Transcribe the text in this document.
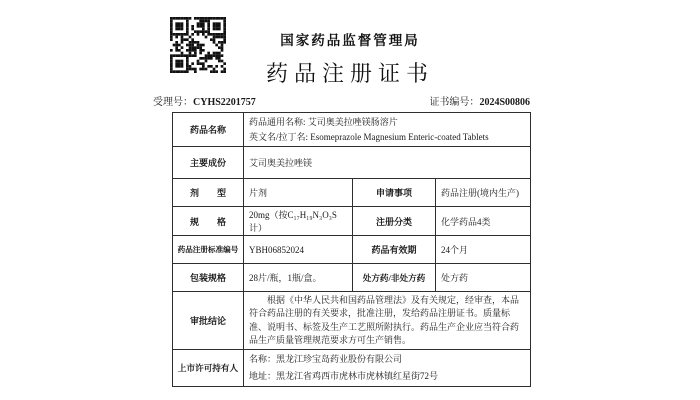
国家药品监督管理局
药品注册证书
受理号：CYHS2201757	证书编号：2024S00806
药品名称	药品通用名称: 艾司奥美拉唑镁肠溶片
英文名/拉丁名: Esomeprazole Magnesium Enteric-coated Tablets		

主要成份	艾司奥美拉唑镁		
剂　　型	片剂	申请事项	药品注册(境内生产)
规　　格	20mg（按C₁₇H₁₉N₃O₃S计）	注册分类	化学药品4类
药品注册标准编号	YBH06852024	药品有效期	24个月
包装规格	28片/瓶，1瓶/盒。	处方药/非处方药	处方药
审批结论	根据《中华人民共和国药品管理法》及有关规定，经审查，本品符合药品注册的有关要求，批准注册，发给药品注册证书。质量标准、说明书、标签及生产工艺照所附执行。药品生产企业应当符合药品生产质量管理规范要求方可生产销售。		
上市许可持有人	名称：黑龙江珍宝岛药业股份有限公司
地址：黑龙江省鸡西市虎林市虎林镇红星街72号		
